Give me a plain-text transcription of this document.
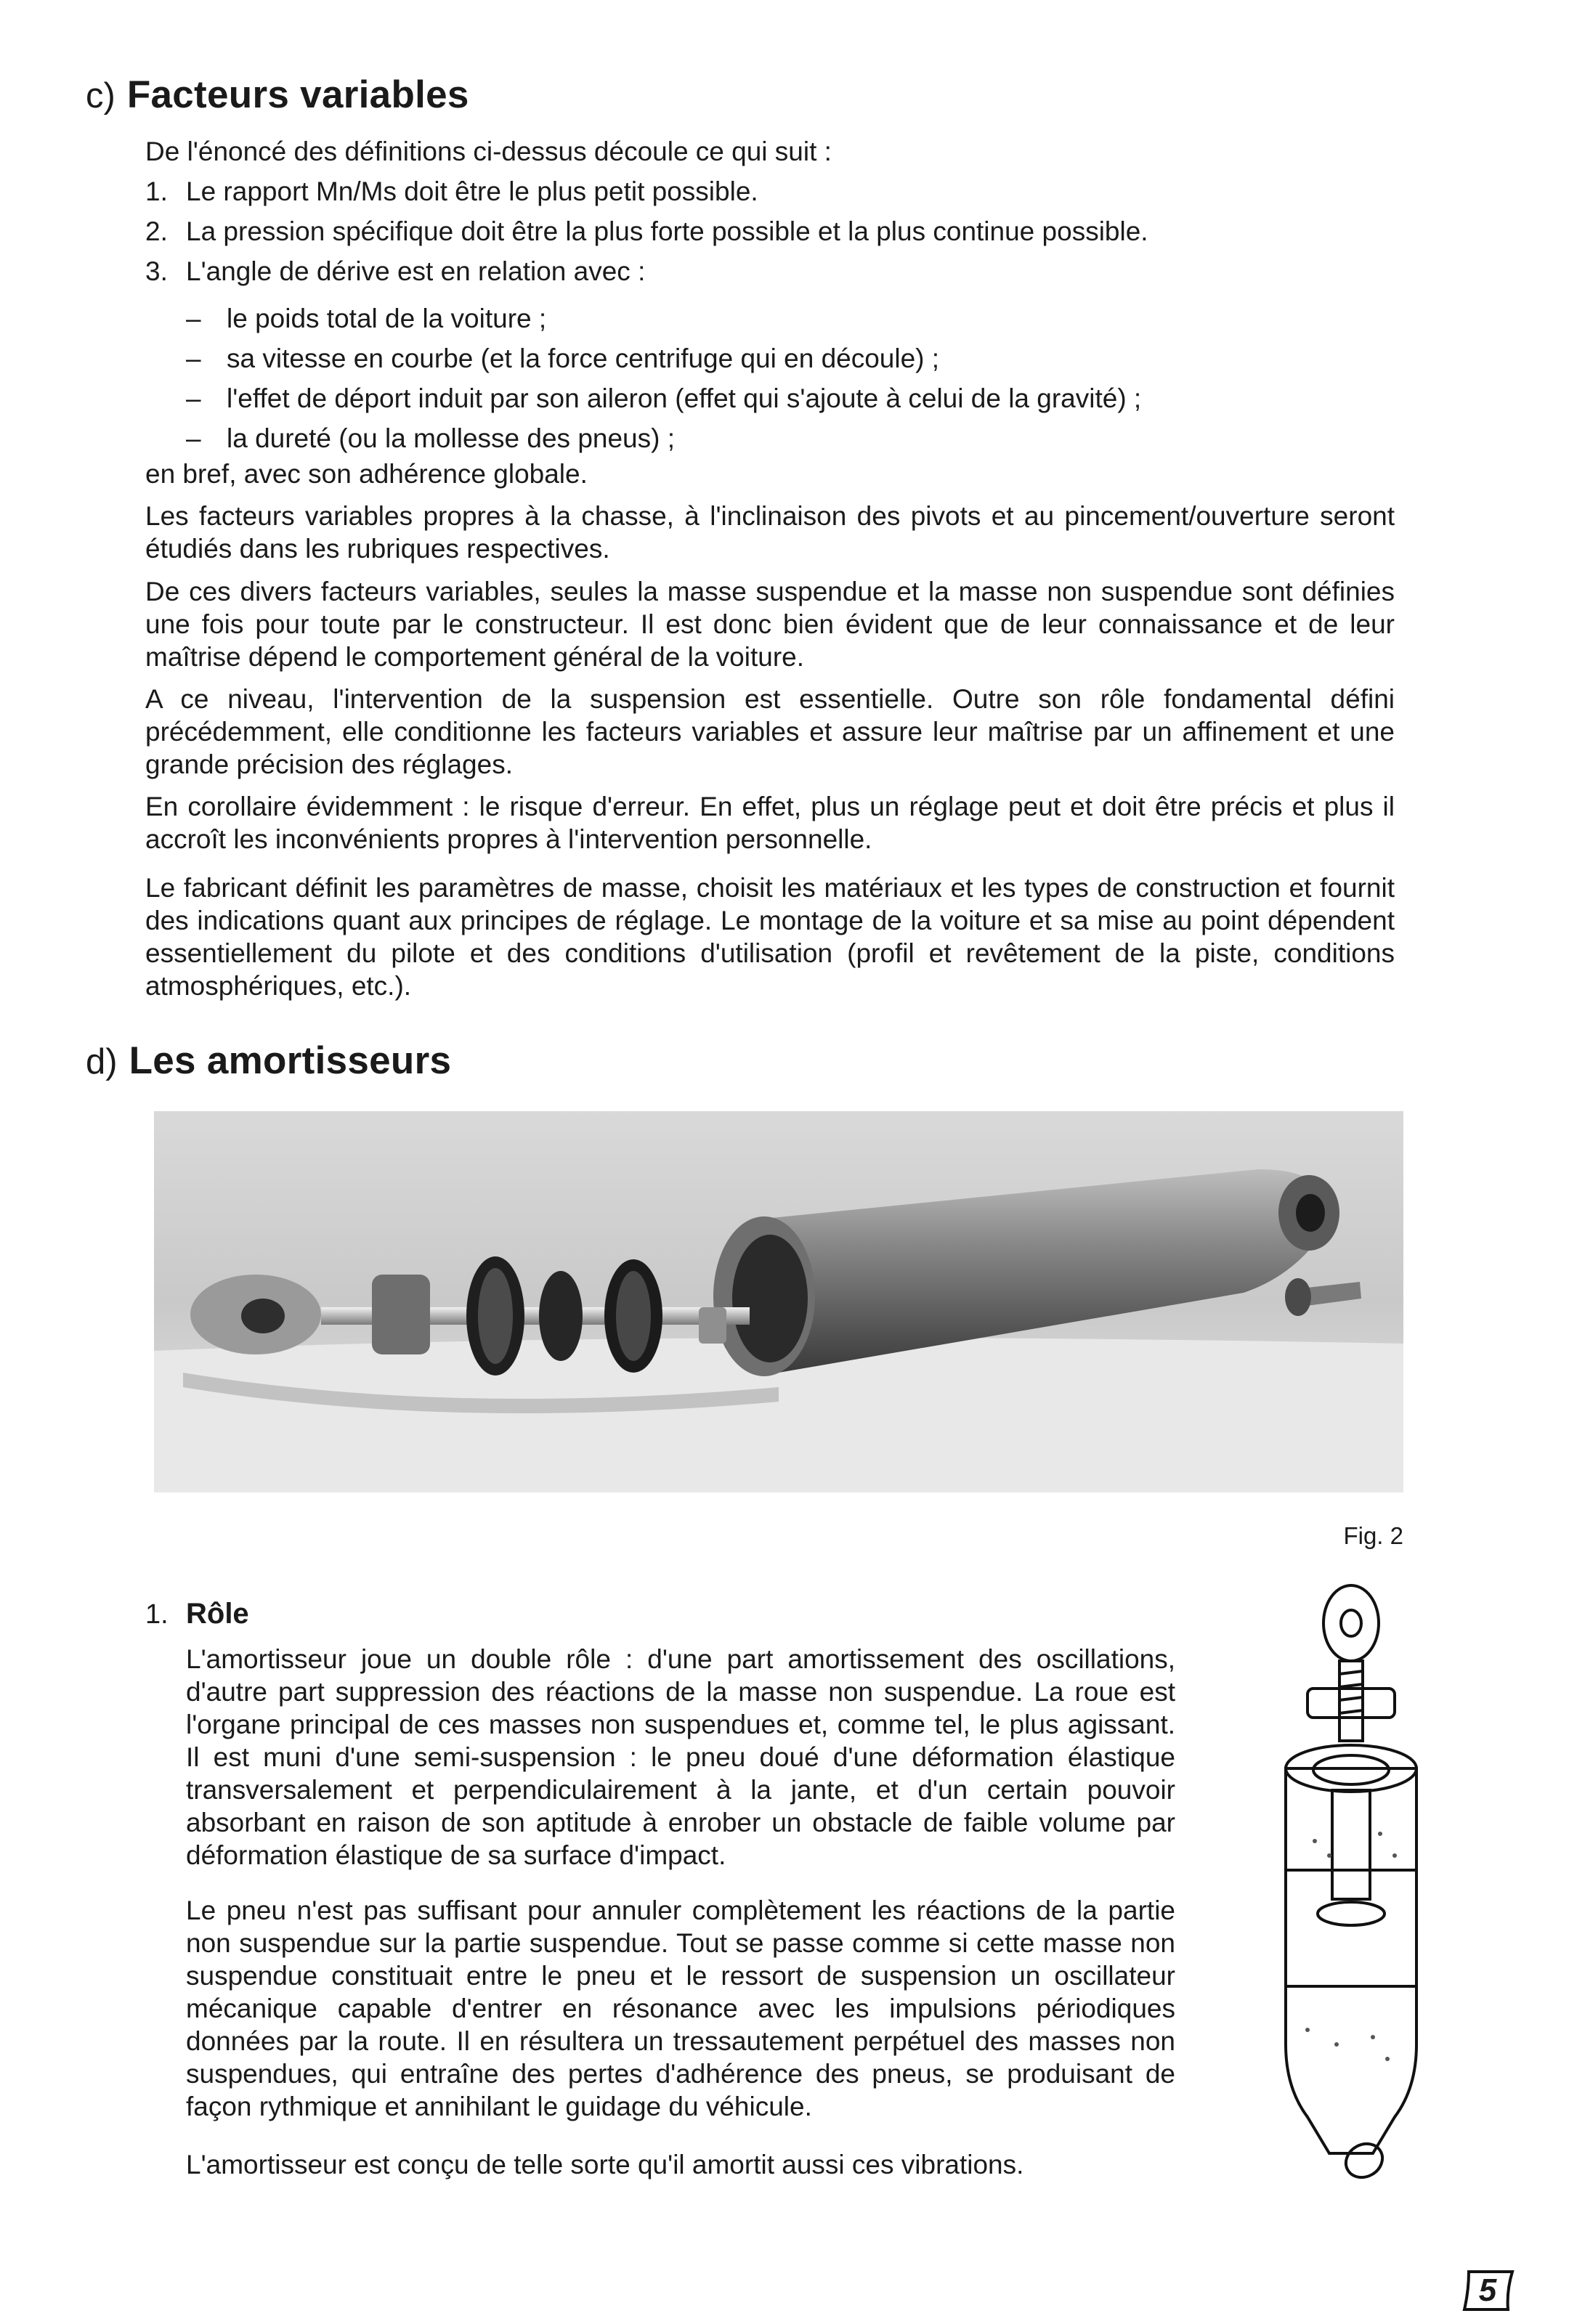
c) Facteurs variables

De l'énoncé des définitions ci-dessus découle ce qui suit :

1. Le rapport Mn/Ms doit être le plus petit possible.
2. La pression spécifique doit être la plus forte possible et la plus continue possible.
3. L'angle de dérive est en relation avec :
– le poids total de la voiture ;
– sa vitesse en courbe (et la force centrifuge qui en découle) ;
– l'effet de déport induit par son aileron (effet qui s'ajoute à celui de la gravité) ;
– la dureté (ou la mollesse des pneus) ;

en bref, avec son adhérence globale.

Les facteurs variables propres à la chasse, à l'inclinaison des pivots et au pincement/ouverture seront étudiés dans les rubriques respectives.

De ces divers facteurs variables, seules la masse suspendue et la masse non suspendue sont définies une fois pour toute par le constructeur. Il est donc bien évident que de leur connaissance et de leur maîtrise dépend le comportement général de la voiture.

A ce niveau, l'intervention de la suspension est essentielle. Outre son rôle fondamental défini précédemment, elle conditionne les facteurs variables et assure leur maîtrise par un affinement et une grande précision des réglages.

En corollaire évidemment : le risque d'erreur. En effet, plus un réglage peut et doit être précis et plus il accroît les inconvénients propres à l'intervention personnelle.

Le fabricant définit les paramètres de masse, choisit les matériaux et les types de construction et fournit des indications quant aux principes de réglage. Le montage de la voiture et sa mise au point dépendent essentiellement du pilote et des conditions d'utilisation (profil et revêtement de la piste, conditions atmosphériques, etc.).

d) Les amortisseurs
Fig. 2
1. Rôle

L'amortisseur joue un double rôle : d'une part amortissement des oscillations, d'autre part suppression des réactions de la masse non suspendue. La roue est l'organe principal de ces masses non suspendues et, comme tel, le plus agissant. Il est muni d'une semi-suspension : le pneu doué d'une déformation élastique transversalement et perpendiculairement à la jante, et d'un certain pouvoir absorbant en raison de son aptitude à enrober un obstacle de faible volume par déformation élastique de sa surface d'impact.

Le pneu n'est pas suffisant pour annuler complètement les réactions de la partie non suspendue sur la partie suspendue. Tout se passe comme si cette masse non suspendue constituait entre le pneu et le ressort de suspension un oscillateur mécanique capable d'entrer en résonance avec les impulsions périodiques données par la route. Il en résultera un tressautement perpétuel des masses non suspendues, qui entraîne des pertes d'adhérence des pneus, se produisant de façon rythmique et annihilant le guidage du véhicule.

L'amortisseur est conçu de telle sorte qu'il amortit aussi ces vibrations.

5
